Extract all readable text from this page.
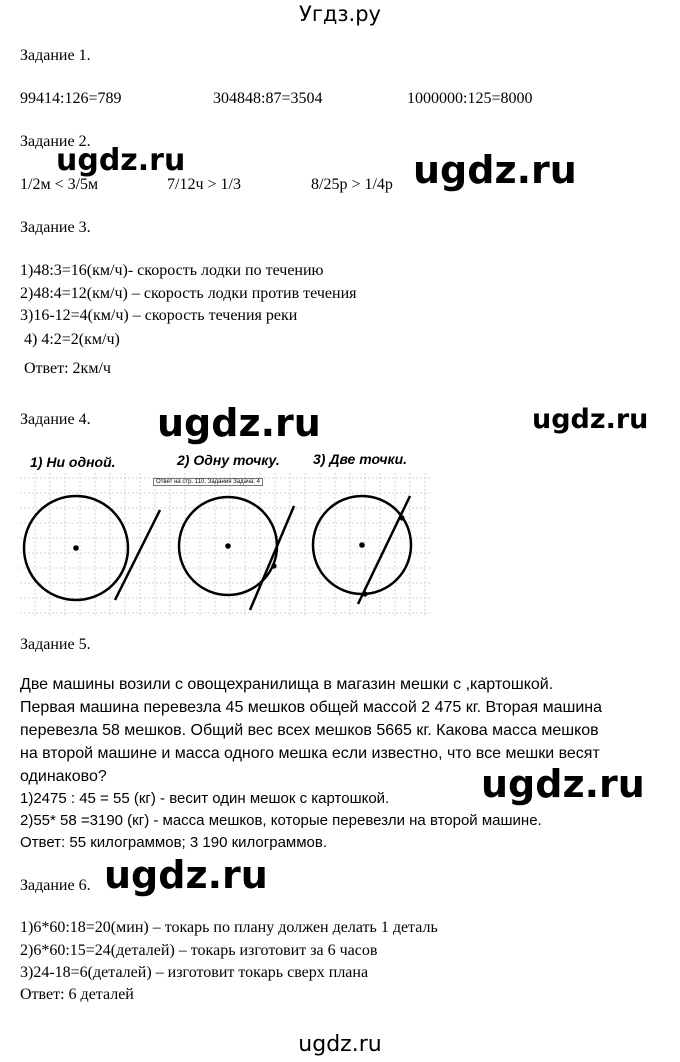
Угдз.ру
Задание 1.
99414:126=789	304848:87=3504	1000000:125=8000
Задание 2.
1/2м < 3/5м	7/12ч > 1/3	8/25р > 1/4р
Задание 3.
1)48:3=16(км/ч)- скорость лодки по течению
2)48:4=12(км/ч) – скорость лодки против течения
3)16-12=4(км/ч) – скорость течения реки
4) 4:2=2(км/ч)
Ответ: 2км/ч
Задание 4.
1) Ни одной.	2) Одну точку. 3) Две точки.
Ответ на стр. 110, Задания Задача: 4
Задание 5.
Две машины возили с овощехранилища в магазин мешки с ,картошкой.
Первая машина перевезла 45 мешков общей массой 2 475 кг. Вторая машина
перевезла 58 мешков. Общий вес всех мешков 5665 кг. Какова масса мешков
на второй машине и масса одного мешка если известно, что все мешки весят
одинаково?
1)2475 : 45 = 55 (кг) - весит один мешок с картошкой.
2)55* 58 =3190 (кг) - масса мешков, которые перевезли на второй машине.
Ответ: 55 килограммов; 3 190 килограммов.
Задание 6.
1)6*60:18=20(мин) – токарь по плану должен делать 1 деталь
2)6*60:15=24(деталей) – токарь изготовит за 6 часов
3)24-18=6(деталей) – изготовит токарь сверх плана
Ответ: 6 деталей
ugdz.ru	ugdz.ru
ugdz.ru	ugdz.ru
ugdz.ru
ugdz.ru
ugdz.ru
